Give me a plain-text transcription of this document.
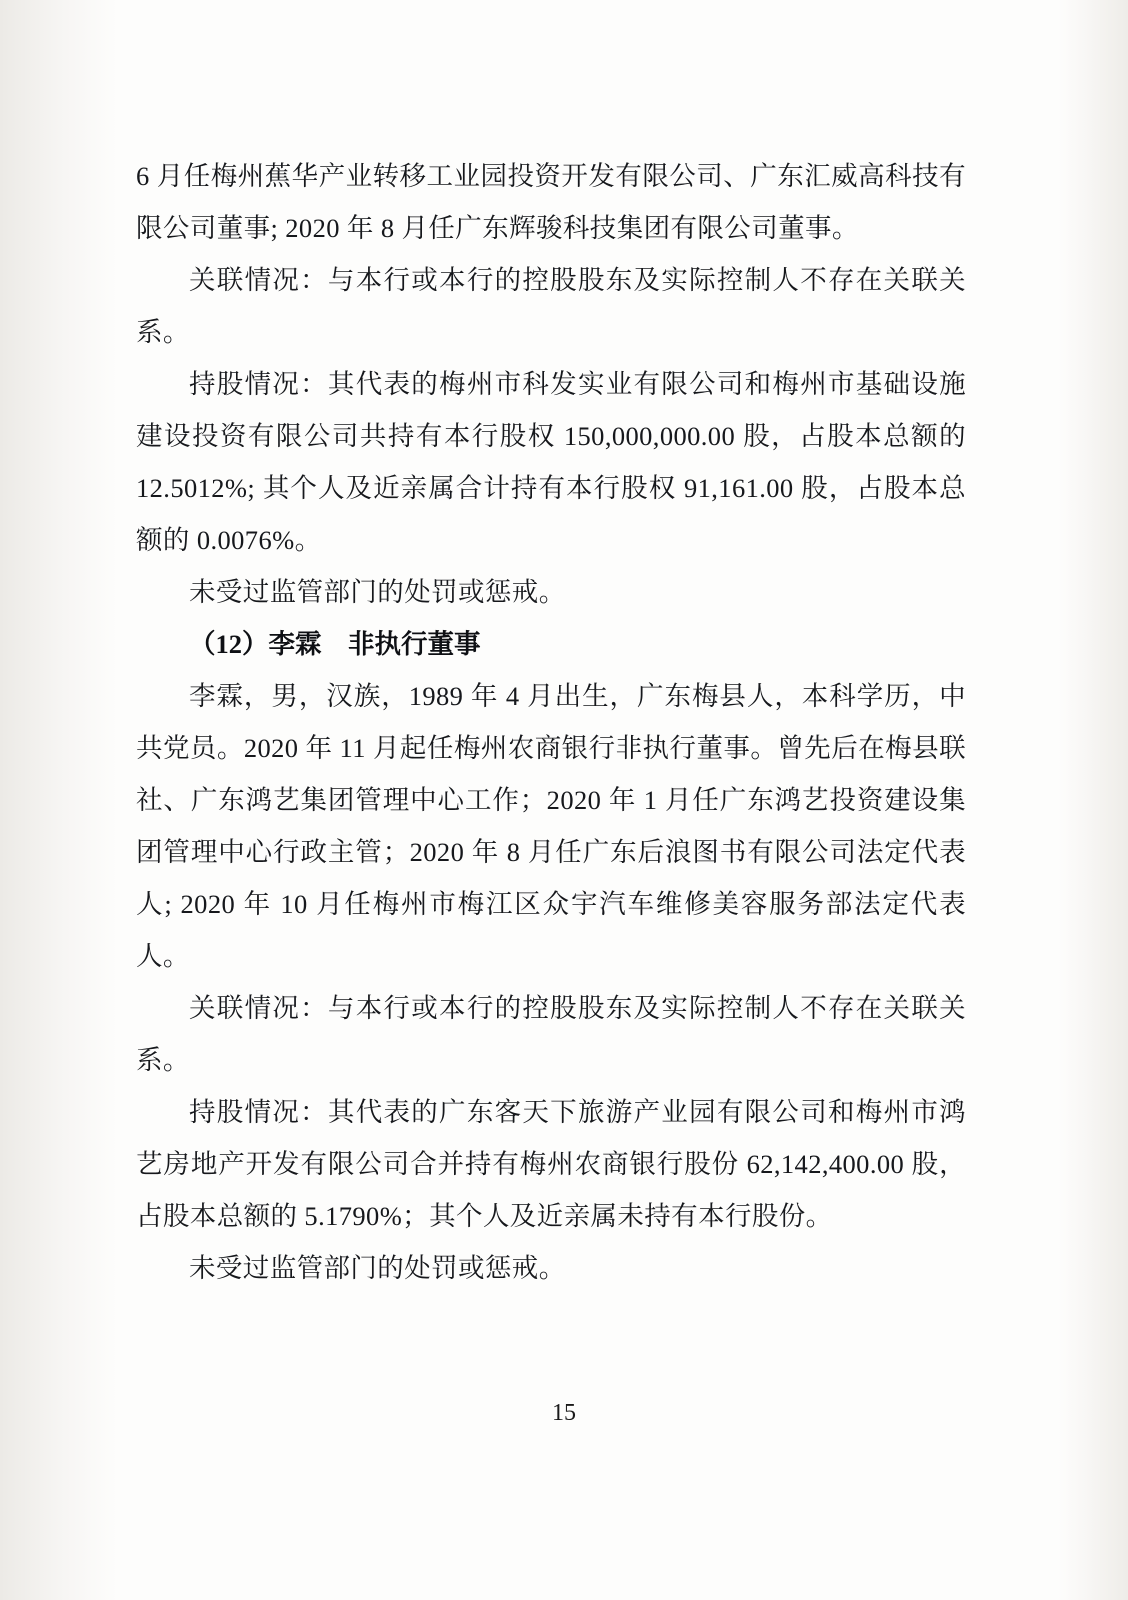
6 月任梅州蕉华产业转移工业园投资开发有限公司、广东汇威高科技有限公司董事; 2020 年 8 月任广东辉骏科技集团有限公司董事。

关联情况：与本行或本行的控股股东及实际控制人不存在关联关系。

持股情况：其代表的梅州市科发实业有限公司和梅州市基础设施建设投资有限公司共持有本行股权 150,000,000.00 股，占股本总额的 12.5012%; 其个人及近亲属合计持有本行股权 91,161.00 股，占股本总额的 0.0076%。

未受过监管部门的处罚或惩戒。

（12）李霖　非执行董事

李霖，男，汉族，1989 年 4 月出生，广东梅县人，本科学历，中共党员。2020 年 11 月起任梅州农商银行非执行董事。曾先后在梅县联社、广东鸿艺集团管理中心工作；2020 年 1 月任广东鸿艺投资建设集团管理中心行政主管；2020 年 8 月任广东后浪图书有限公司法定代表人; 2020 年 10 月任梅州市梅江区众宇汽车维修美容服务部法定代表人。

关联情况：与本行或本行的控股股东及实际控制人不存在关联关系。

持股情况：其代表的广东客天下旅游产业园有限公司和梅州市鸿艺房地产开发有限公司合并持有梅州农商银行股份 62,142,400.00 股，占股本总额的 5.1790%；其个人及近亲属未持有本行股份。

未受过监管部门的处罚或惩戒。

15
